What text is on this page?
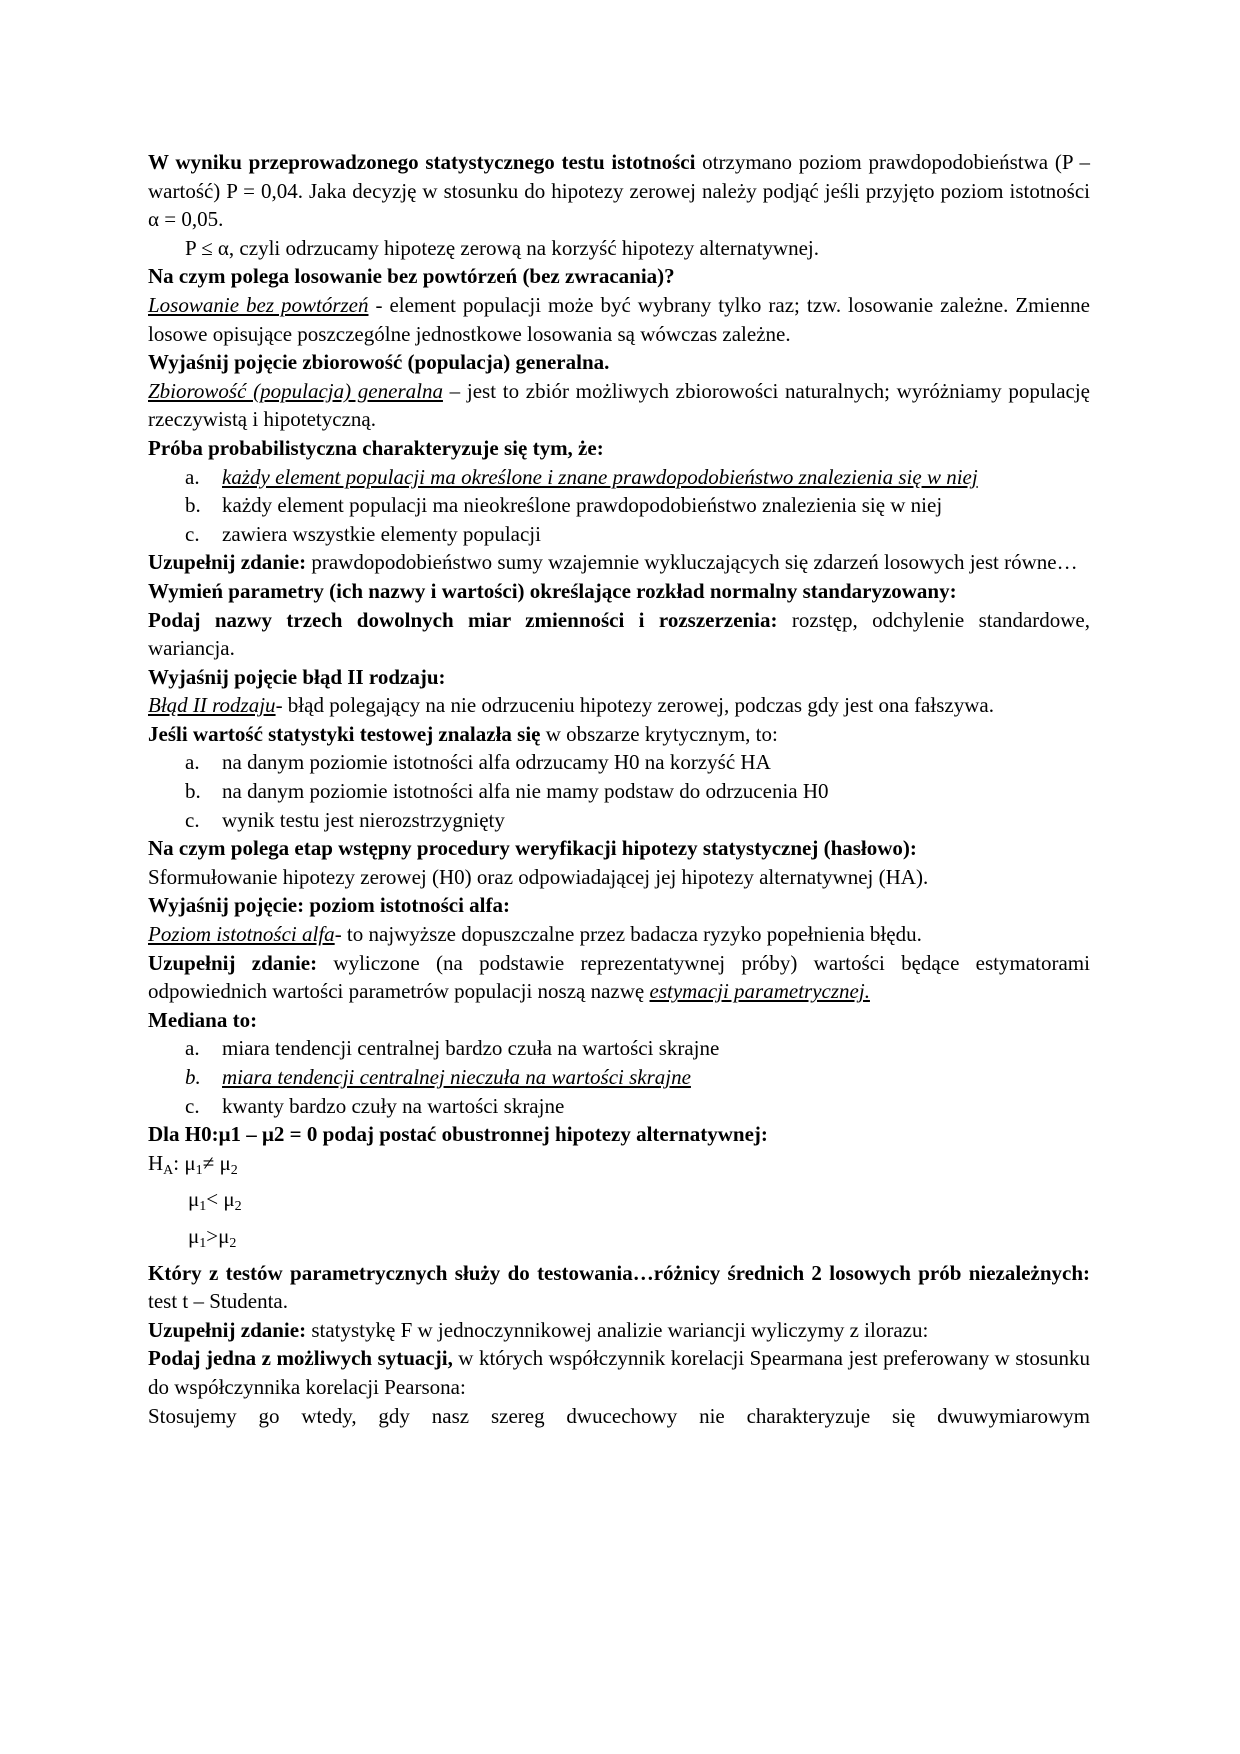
W wyniku przeprowadzonego statystycznego testu istotności otrzymano poziom prawdopodobieństwa (P – wartość) P = 0,04. Jaka decyzję w stosunku do hipotezy zerowej należy podjąć jeśli przyjęto poziom istotności α = 0,05.

P ≤ α, czyli odrzucamy hipotezę zerową na korzyść hipotezy alternatywnej.

Na czym polega losowanie bez powtórzeń (bez zwracania)?

Losowanie bez powtórzeń - element populacji może być wybrany tylko raz; tzw. losowanie zależne. Zmienne losowe opisujące poszczególne jednostkowe losowania są wówczas zależne.

Wyjaśnij pojęcie zbiorowość (populacja) generalna.

Zbiorowość (populacja) generalna – jest to zbiór możliwych zbiorowości naturalnych; wyróżniamy populację rzeczywistą i hipotetyczną.

Próba probabilistyczna charakteryzuje się tym, że:

a. każdy element populacji ma określone i znane prawdopodobieństwo znalezienia się w niej
b. każdy element populacji ma nieokreślone prawdopodobieństwo znalezienia się w niej
c. zawiera wszystkie elementy populacji

Uzupełnij zdanie: prawdopodobieństwo sumy wzajemnie wykluczających się zdarzeń losowych jest równe…

Wymień parametry (ich nazwy i wartości) określające rozkład normalny standaryzowany:

Podaj nazwy trzech dowolnych miar zmienności i rozszerzenia: rozstęp, odchylenie standardowe, wariancja.

Wyjaśnij pojęcie błąd II rodzaju:

Błąd II rodzaju- błąd polegający na nie odrzuceniu hipotezy zerowej, podczas gdy jest ona fałszywa.

Jeśli wartość statystyki testowej znalazła się w obszarze krytycznym, to:

a. na danym poziomie istotności alfa odrzucamy H0 na korzyść HA
b. na danym poziomie istotności alfa nie mamy podstaw do odrzucenia H0
c. wynik testu jest nierozstrzygnięty

Na czym polega etap wstępny procedury weryfikacji hipotezy statystycznej (hasłowo):

Sformułowanie hipotezy zerowej (H0) oraz odpowiadającej jej hipotezy alternatywnej (HA).

Wyjaśnij pojęcie: poziom istotności alfa:

Poziom istotności alfa- to najwyższe dopuszczalne przez badacza ryzyko popełnienia błędu.

Uzupełnij zdanie: wyliczone (na podstawie reprezentatywnej próby) wartości będące estymatorami odpowiednich wartości parametrów populacji noszą nazwę estymacji parametrycznej.

Mediana to:

a. miara tendencji centralnej bardzo czuła na wartości skrajne
b. miara tendencji centralnej nieczuła na wartości skrajne
c. kwanty bardzo czuły na wartości skrajne

Dla H0:μ1 – μ2 = 0 podaj postać obustronnej hipotezy alternatywnej:

$H_A$: $\mu_1\ne \mu_2$

$\mu_1< \mu_2$

$\mu_1>\mu_2$

Który z testów parametrycznych służy do testowania…różnicy średnich 2 losowych prób niezależnych: test t – Studenta.

Uzupełnij zdanie: statystykę F w jednoczynnikowej analizie wariancji wyliczymy z ilorazu:

Podaj jedna z możliwych sytuacji, w których współczynnik korelacji Spearmana jest preferowany w stosunku do współczynnika korelacji Pearsona:

Stosujemy go wtedy, gdy nasz szereg dwucechowy nie charakteryzuje się dwuwymiarowym
